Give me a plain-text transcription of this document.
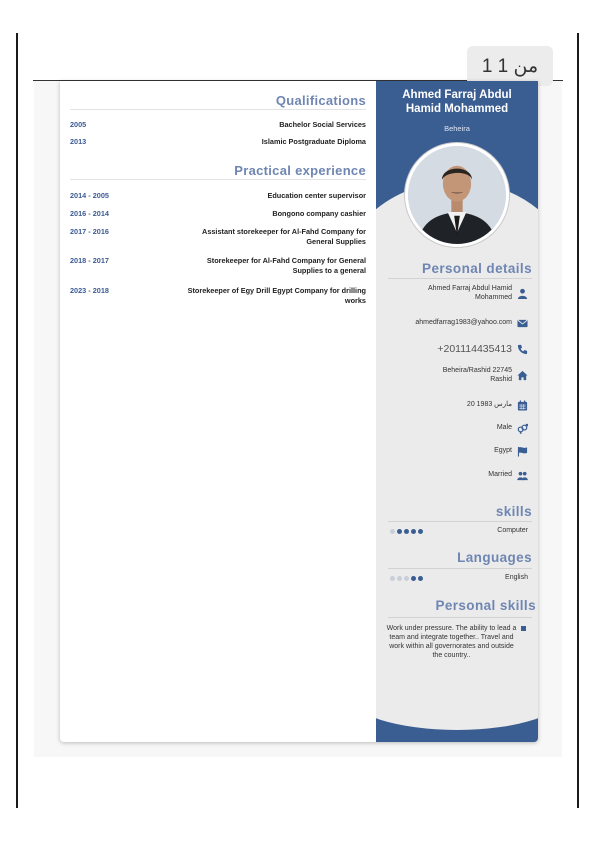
1 من 1
Qualifications
2005	Bachelor Social Services
2013	Islamic Postgraduate Diploma
Practical experience
2014 - 2005	Education center supervisor
2016 - 2014	Bongono company cashier
2017 - 2016	Assistant storekeeper for Al-Fahd Company for General Supplies
2018 - 2017	Storekeeper for Al-Fahd Company for General Supplies to a general
2023 - 2018	Storekeeper of Egy Drill Egypt Company for drilling works
Ahmed Farraj Abdul
Hamid Mohammed
Beheira
Personal details
Ahmed Farraj Abdul Hamid Mohammed
ahmedfarrag1983@yahoo.com
+201114435413
Beheira/Rashid 22745 Rashid
20 مارس 1983
Male
Egypt
Married
skills
Computer
Languages
English
Personal skills
Work under pressure. The ability to lead a team and integrate together.. Travel and work within all governorates and outside the country..
